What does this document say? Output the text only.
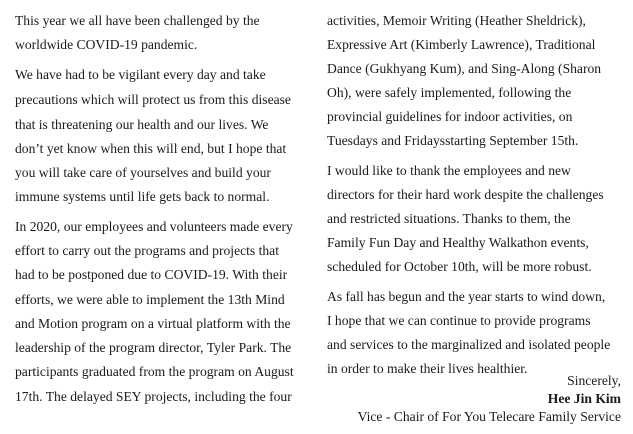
This year we all have been challenged by the
worldwide COVID-19 pandemic.
We have had to be vigilant every day and take
precautions which will protect us from this disease
that is threatening our health and our lives. We
don’t yet know when this will end, but I hope that
you will take care of yourselves and build your
immune systems until life gets back to normal.
In 2020, our employees and volunteers made every
effort to carry out the programs and projects that
had to be postponed due to COVID-19. With their
efforts, we were able to implement the 13th Mind
and Motion program on a virtual platform with the
leadership of the program director, Tyler Park. The
participants graduated from the program on August
17th. The delayed SEY projects, including the four
activities, Memoir Writing (Heather Sheldrick),
Expressive Art (Kimberly Lawrence), Traditional
Dance (Gukhyang Kum), and Sing-Along (Sharon
Oh), were safely implemented, following the
provincial guidelines for indoor activities, on
Tuesdays and Fridaysstarting September 15th.
I would like to thank the employees and new
directors for their hard work despite the challenges
and restricted situations. Thanks to them, the
Family Fun Day and Healthy Walkathon events,
scheduled for October 10th, will be more robust.
As fall has begun and the year starts to wind down,
I hope that we can continue to provide programs
and services to the marginalized and isolated people
in order to make their lives healthier.
Sincerely,
Hee Jin Kim
Vice - Chair of For You Telecare Family Service
